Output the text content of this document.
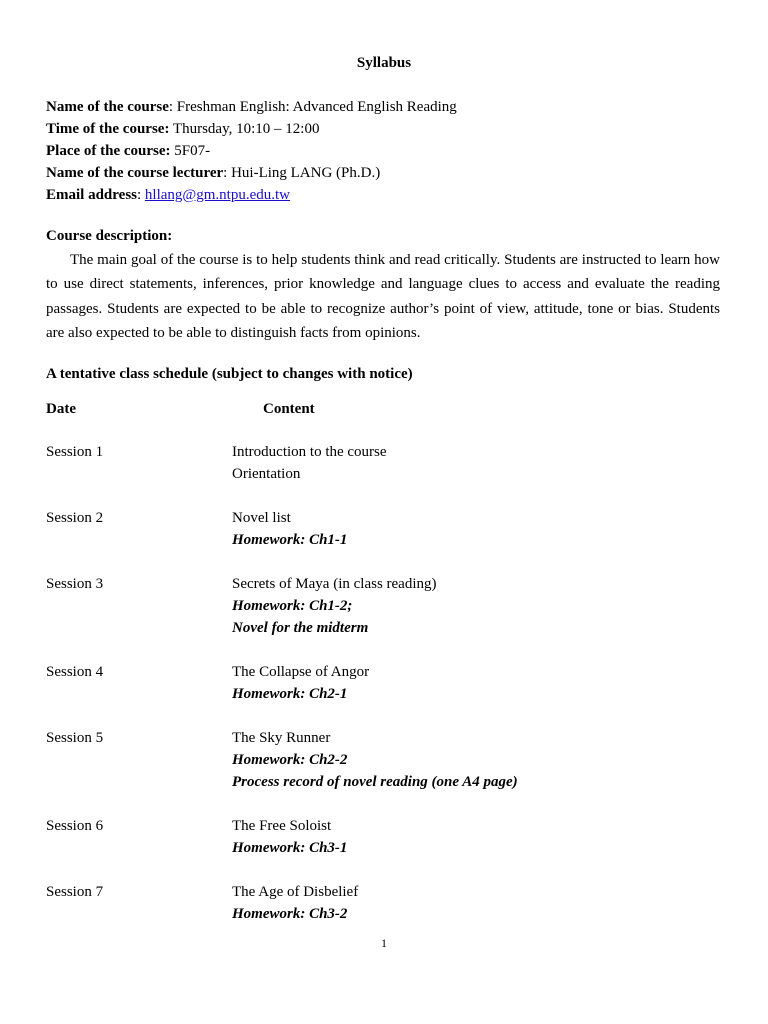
Syllabus
Name of the course: Freshman English: Advanced English Reading
Time of the course: Thursday, 10:10 – 12:00
Place of the course: 5F07-
Name of the course lecturer: Hui-Ling LANG (Ph.D.)
Email address: hllang@gm.ntpu.edu.tw
Course description:

The main goal of the course is to help students think and read critically. Students are instructed to learn how to use direct statements, inferences, prior knowledge and language clues to access and evaluate the reading passages. Students are expected to be able to recognize author’s point of view, attitude, tone or bias. Students are also expected to be able to distinguish facts from opinions.

A tentative class schedule (subject to changes with notice)
Date	Content
Session 1	Introduction to the course
Orientation
Session 2	Novel list
Homework: Ch1-1
Session 3	Secrets of Maya (in class reading)
Homework: Ch1-2;
Novel for the midterm
Session 4	The Collapse of Angor
Homework: Ch2-1
Session 5	The Sky Runner
Homework: Ch2-2
Process record of novel reading (one A4 page)
Session 6	The Free Soloist
Homework: Ch3-1
Session 7	The Age of Disbelief
Homework: Ch3-2
1
